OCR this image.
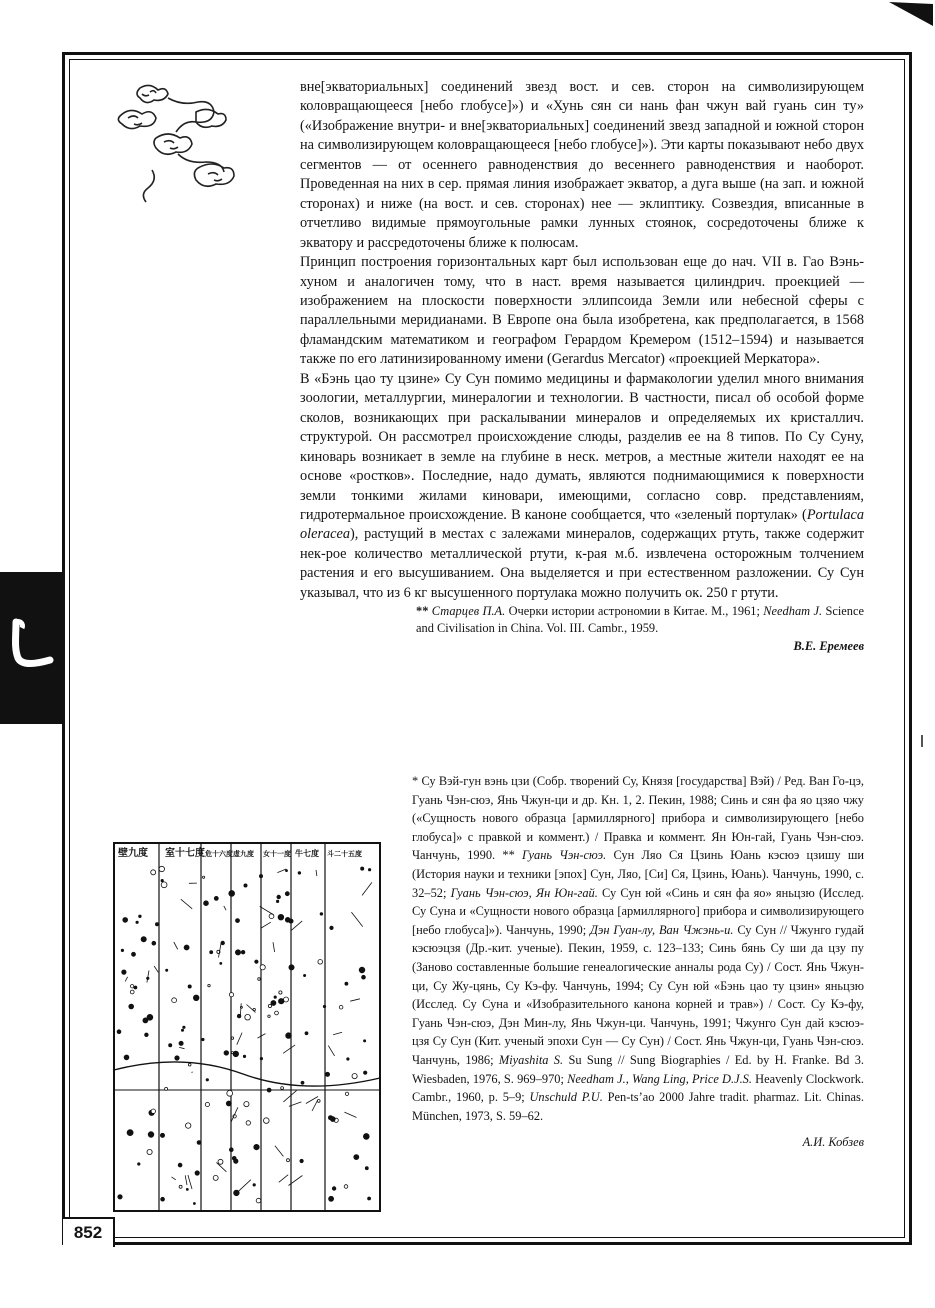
вне[экваториальных] соединений звезд вост. и сев. сторон на символизирующем коловращающееся [небо глобусе]») и «Хунь сян си нань фан чжун вай гуань син ту» («Изображение внутри- и вне[экваториальных] соединений звезд западной и южной сторон на символизирующем коловращающееся [небо глобусе]»). Эти карты показывают небо двух сегментов — от осеннего равноденствия до весеннего равноденствия и наоборот. Проведенная на них в сер. прямая линия изображает экватор, а дуга выше (на зап. и южной сторонах) и ниже (на вост. и сев. сторонах) нее — эклиптику. Созвездия, вписанные в отчетливо видимые прямоугольные рамки лунных стоянок, сосредоточены ближе к экватору и рассредоточены ближе к полюсам.

Принцип построения горизонтальных карт был использован еще до нач. VII в. Гао Вэнь-хуном и аналогичен тому, что в наст. время называется цилиндрич. проекцией — изображением на плоскости поверхности эллипсоида Земли или небесной сферы с параллельными меридианами. В Европе она была изобретена, как предполагается, в 1568 фламандским математиком и географом Герардом Кремером (1512–1594) и называется также по его латинизированному имени (Gerardus Mercator) «проекцией Меркатора».

В «Бэнь цао ту цзине» Су Сун помимо медицины и фармакологии уделил много внимания зоологии, металлургии, минералогии и технологии. В частности, писал об особой форме сколов, возникающих при раскалывании минералов и определяемых их кристаллич. структурой. Он рассмотрел происхождение слюды, разделив ее на 8 типов. По Су Суну, киноварь возникает в земле на глубине в неск. метров, а местные жители находят ее на основе «ростков». Последние, надо думать, являются поднимающимися к поверхности земли тонкими жилами киновари, имеющими, согласно совр. представлениям, гидротермальное происхождение. В каноне сообщается, что «зеленый портулак» (Portulaca oleracea), растущий в местах с залежами минералов, содержащих ртуть, также содержит нек-рое количество металлической ртути, к-рая м.б. извлечена осторожным толчением растения и его высушиванием. Она выделяется и при естественном разложении. Су Сун указывал, что из 6 кг высушенного портулака можно получить ок. 250 г ртути.

** Старцев П.А. Очерки истории астрономии в Китае. М., 1961; Needham J. Science and Civilisation in China. Vol. III. Cambr., 1959.

В.Е. Еремеев
壁九度 室十七度 危十六度 虚九度 女十一度 牛七度 斗二十五度
* Су Вэй-гун вэнь цзи (Собр. творений Су, Князя [государства] Вэй) / Ред. Ван Го-цэ, Гуань Чэн-сюэ, Янь Чжун-ци и др. Кн. 1, 2. Пекин, 1988; Синь и сян фа яо цзяо чжу («Сущность нового образца [армиллярного] прибора и символизирующего [небо глобуса]» с правкой и коммент.) / Правка и коммент. Ян Юн-гай, Гуань Чэн-сюэ. Чанчунь, 1990. ** Гуань Чэн-сюэ. Сун Ляо Ся Цзинь Юань кэсюэ цзишу ши (История науки и техники [эпох] Сун, Ляо, [Си] Ся, Цзинь, Юань). Чанчунь, 1990, с. 32–52; Гуань Чэн-сюэ, Ян Юн-гай. Су Сун юй «Синь и сян фа яо» яньцзю (Исслед. Су Суна и «Сущности нового образца [армиллярного] прибора и символизирующего [небо глобуса]»). Чанчунь, 1990; Дэн Гуан-лу, Ван Чжэнь-и. Су Сун // Чжунго гудай кэсюэцзя (Др.-кит. ученые). Пекин, 1959, с. 123–133; Синь бянь Су ши да цзу пу (Заново составленные большие генеалогические анналы рода Су) / Сост. Янь Чжун-ци, Су Жу-цянь, Су Кэ-фу. Чанчунь, 1994; Су Сун юй «Бэнь цао ту цзин» яньцзю (Исслед. Су Суна и «Изобразительного канона корней и трав») / Сост. Су Кэ-фу, Гуань Чэн-сюэ, Дэн Мин-лу, Янь Чжун-ци. Чанчунь, 1991; Чжунго Сун дай кэсюэ-цзя Су Сун (Кит. ученый эпохи Сун — Су Сун) / Сост. Янь Чжун-ци, Гуань Чэн-сюэ. Чанчунь, 1986; Miyashita S. Su Sung // Sung Biographies / Ed. by H. Franke. Bd 3. Wiesbaden, 1976, S. 969–970; Needham J., Wang Ling, Price D.J.S. Heavenly Clockwork. Cambr., 1960, p. 5–9; Unschuld P.U. Pen-ts’ao 2000 Jahre tradit. pharmaz. Lit. Chinas. München, 1973, S. 59–62.
А.И. Кобзев
852
